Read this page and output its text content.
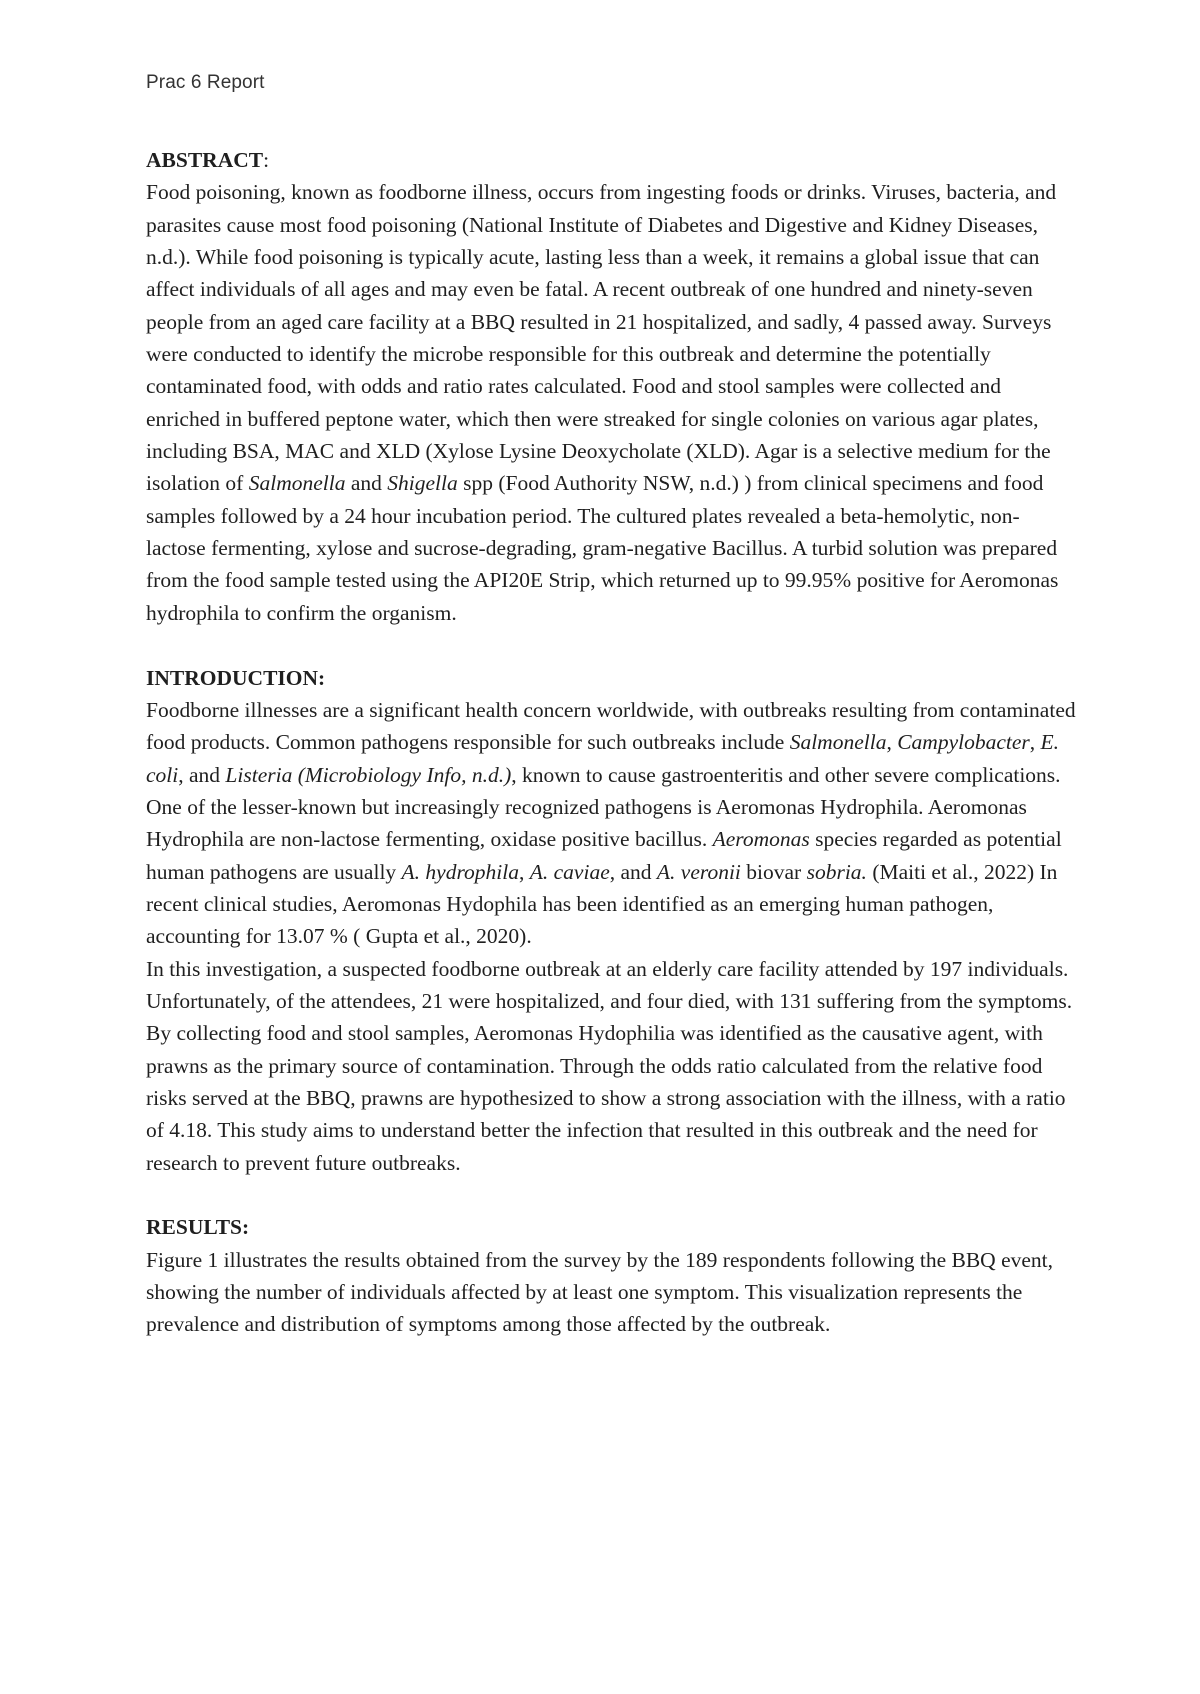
Prac 6 Report
ABSTRACT:

Food poisoning, known as foodborne illness, occurs from ingesting foods or drinks. Viruses, bacteria, and parasites cause most food poisoning (National Institute of Diabetes and Digestive and Kidney Diseases, n.d.). While food poisoning is typically acute, lasting less than a week, it remains a global issue that can affect individuals of all ages and may even be fatal. A recent outbreak of one hundred and ninety-seven people from an aged care facility at a BBQ resulted in 21 hospitalized, and sadly, 4 passed away. Surveys were conducted to identify the microbe responsible for this outbreak and determine the potentially contaminated food, with odds and ratio rates calculated. Food and stool samples were collected and enriched in buffered peptone water, which then were streaked for single colonies on various agar plates, including BSA, MAC and XLD (Xylose Lysine Deoxycholate (XLD). Agar is a selective medium for the isolation of Salmonella and Shigella spp (Food Authority NSW, n.d.) ) from clinical specimens and food samples followed by a 24 hour incubation period. The cultured plates revealed a beta-hemolytic, non-lactose fermenting, xylose and sucrose-degrading, gram-negative Bacillus. A turbid solution was prepared from the food sample tested using the API20E Strip, which returned up to 99.95% positive for Aeromonas hydrophila to confirm the organism.

INTRODUCTION:

Foodborne illnesses are a significant health concern worldwide, with outbreaks resulting from contaminated food products. Common pathogens responsible for such outbreaks include Salmonella, Campylobacter, E. coli, and Listeria (Microbiology Info, n.d.), known to cause gastroenteritis and other severe complications. One of the lesser-known but increasingly recognized pathogens is Aeromonas Hydrophila. Aeromonas Hydrophila are non-lactose fermenting, oxidase positive bacillus. Aeromonas species regarded as potential human pathogens are usually A. hydrophila, A. caviae, and A. veronii biovar sobria. (Maiti et al., 2022) In recent clinical studies, Aeromonas Hydophila has been identified as an emerging human pathogen, accounting for 13.07 % ( Gupta et al., 2020).

In this investigation, a suspected foodborne outbreak at an elderly care facility attended by 197 individuals. Unfortunately, of the attendees, 21 were hospitalized, and four died, with 131 suffering from the symptoms. By collecting food and stool samples, Aeromonas Hydophilia was identified as the causative agent, with prawns as the primary source of contamination. Through the odds ratio calculated from the relative food risks served at the BBQ, prawns are hypothesized to show a strong association with the illness, with a ratio of 4.18. This study aims to understand better the infection that resulted in this outbreak and the need for research to prevent future outbreaks.

RESULTS:

Figure 1 illustrates the results obtained from the survey by the 189 respondents following the BBQ event, showing the number of individuals affected by at least one symptom. This visualization represents the prevalence and distribution of symptoms among those affected by the outbreak.
